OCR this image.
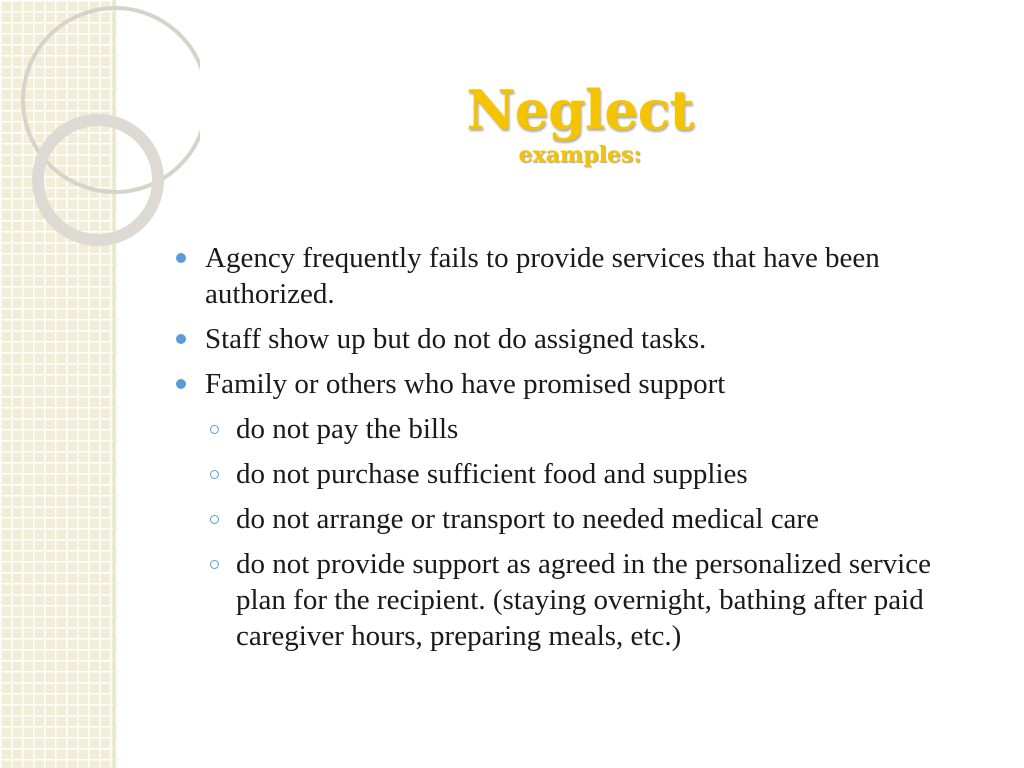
Neglect
examples:
Agency frequently fails to provide services that have been authorized.
Staff show up but do not do assigned tasks.
Family or others who have promised support
do not pay the bills
do not purchase sufficient food and supplies
do not arrange or transport to needed medical care
do not provide support as agreed in the personalized service plan for the recipient. (staying overnight, bathing after paid caregiver hours, preparing meals, etc.)
